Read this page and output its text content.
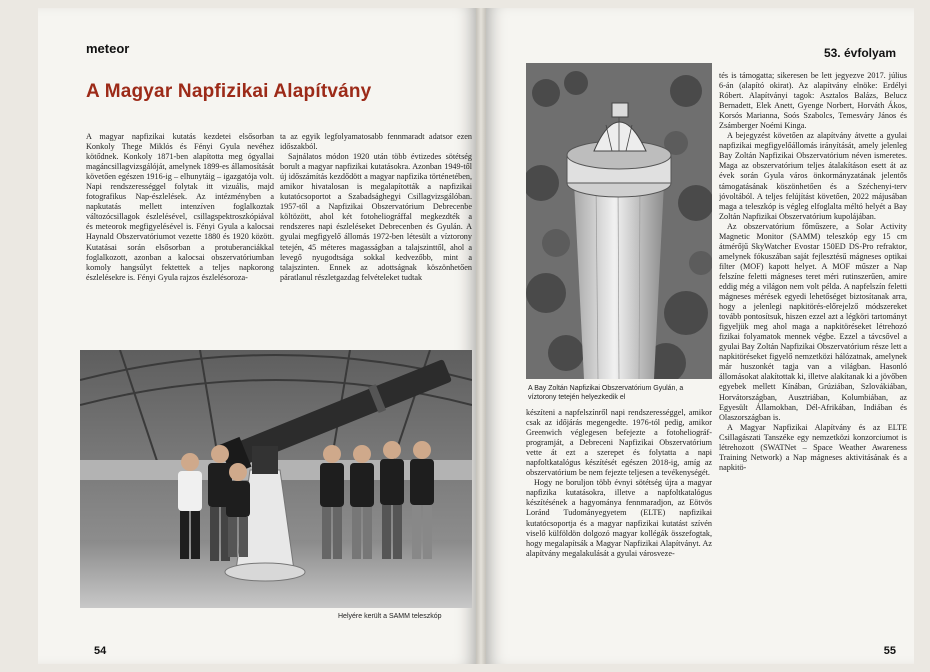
meteor
A Magyar Napfizikai Alapítvány

A magyar napfizikai kutatás kezdetei elsősorban Konkoly Thege Miklós és Fényi Gyula nevéhez kötődnek. Konkoly 1871-ben alapította meg ógyallai magáncsillagvizsgálóját, amelynek 1899-es államosítását követően egészen 1916-ig – elhunytáig – igazgatója volt. Napi rendszerességgel folytak itt vizuális, majd fotografikus Nap-észlelések. Az intézményben a napkutatás mellett intenzíven foglalkoztak változócsillagok észlelésével, csillagspektroszkópiával és meteorok megfigyelésével is. Fényi Gyula a kalocsai Haynald Obszervatóriumot vezette 1880 és 1920 között. Kutatásai során elsősorban a protuberanciákkal foglalkozott, azonban a kalocsai obszervatóriumban komoly hangsúlyt fektettek a teljes napkorong észlelésekre is. Fényi Gyula rajzos észlelésoroza-

ta az egyik legfolyamatosabb fennmaradt adatsor ezen időszakból.

Sajnálatos módon 1920 után több évtizedes sötétség borult a magyar napfizikai kutatásokra. Azonban 1949-től új időszámítás kezdődött a magyar napfizika történetében, amikor hivatalosan is megalapították a napfizikai kutatócsoportot a Szabadsághegyi Csillagvizsgálóban. 1957-től a Napfizikai Obszervatórium Debrecenbe költözött, ahol két fotoheliográffal megkezdték a rendszeres napi észleléseket Debrecenben és Gyulán. A gyulai megfigyelő állomás 1972-ben létesült a víztorony tetején, 45 méteres magasságban a talajszinttől, ahol a levegő nyugodtsága sokkal kedvezőbb, mint a talajszinten. Ennek az adottságnak köszönhetően páratlanul részletgazdag felvételeket tudtak

Helyére került a SAMM teleszkóp
54
53. évfolyam
A Bay Zoltán Napfizikai Obszervatórium Gyulán, a víztorony tetején helyezkedik el

készíteni a napfelszínről napi rendszerességgel, amikor csak az időjárás megengedte. 1976-tól pedig, amikor Greenwich véglegesen befejezte a fotoheliográf-programját, a Debreceni Napfizikai Obszervatórium vette át ezt a szerepet és folytatta a napi napfoltkatalógus készítését egészen 2018-ig, amíg az obszervatórium be nem fejezte teljesen a tevékenységét.

Hogy ne boruljon több évnyi sötétség újra a magyar napfizika kutatásokra, illetve a napfoltkatalógus készítésének a hagyománya fennmaradjon, az Eötvös Loránd Tudományegyetem (ELTE) napfizikai kutatócsoportja és a magyar napfizikai kutatást szívén viselő külföldön dolgozó magyar kollégák összefogtak, hogy megalapítsák a Magyar Napfizikai Alapítványt. Az alapítvány megalakulását a gyulai városveze-

tés is támogatta; sikeresen be lett jegyezve 2017. július 6-án (alapító okirat). Az alapítvány elnöke: Erdélyi Róbert. Alapítványi tagok: Asztalos Balázs, Belucz Bernadett, Elek Anett, Gyenge Norbert, Horváth Ákos, Korsós Marianna, Soós Szabolcs, Temesváry János és Zsámberger Noémi Kinga.

A bejegyzést követően az alapítvány átvette a gyulai napfizikai megfigyelőállomás irányítását, amely jelenleg Bay Zoltán Napfizikai Obszervatórium néven ismeretes. Maga az obszervatórium teljes átalakításon esett át az évek során Gyula város önkormányzatának jelentős támogatásának köszönhetően és a Széchenyi-terv jóvoltából. A teljes felújítást követően, 2022 májusában maga a teleszkóp is végleg elfoglalta méltó helyét a Bay Zoltán Napfizikai Obszervatórium kupolájában.

Az obszervatórium főműszere, a Solar Activity Magnetic Monitor (SAMM) teleszkóp egy 15 cm átmérőjű SkyWatcher Evostar 150ED DS-Pro refraktor, amelynek fókuszában saját fejlesztésű mágneses optikai filter (MOF) kapott helyet. A MOF műszer a Nap felszíne feletti mágneses teret méri rutinszerűen, amire eddig még a világon nem volt példa. A napfelszín feletti mágneses mérések egyedi lehetőséget biztosítanak arra, hogy a jelenlegi napkitörés-előrejelző módszereket tovább pontosítsuk, hiszen ezzel azt a légköri tartományt figyeljük meg ahol maga a napkitöréseket létrehozó fizikai folyamatok mennek végbe. Ezzel a távcsővel a gyulai Bay Zoltán Napfizikai Obszervatórium része lett a napkitöréseket figyelő nemzetközi hálózatnak, amelynek már huszonkét tagja van a világban. Hasonló állomásokat alakítottak ki, illetve alakítanak ki a jövőben egyebek mellett Kínában, Grúziában, Szlovákiában, Horvátországban, Ausztriában, Kolumbiában, az Egyesült Államokban, Dél-Afrikában, Indiában és Olaszországban is.

A Magyar Napfizikai Alapítvány és az ELTE Csillagászati Tanszéke egy nemzetközi konzorciumot is létrehozott (SWATNet – Space Weather Awareness Training Network) a Nap mágneses aktivitásának és a napkitö-

55
